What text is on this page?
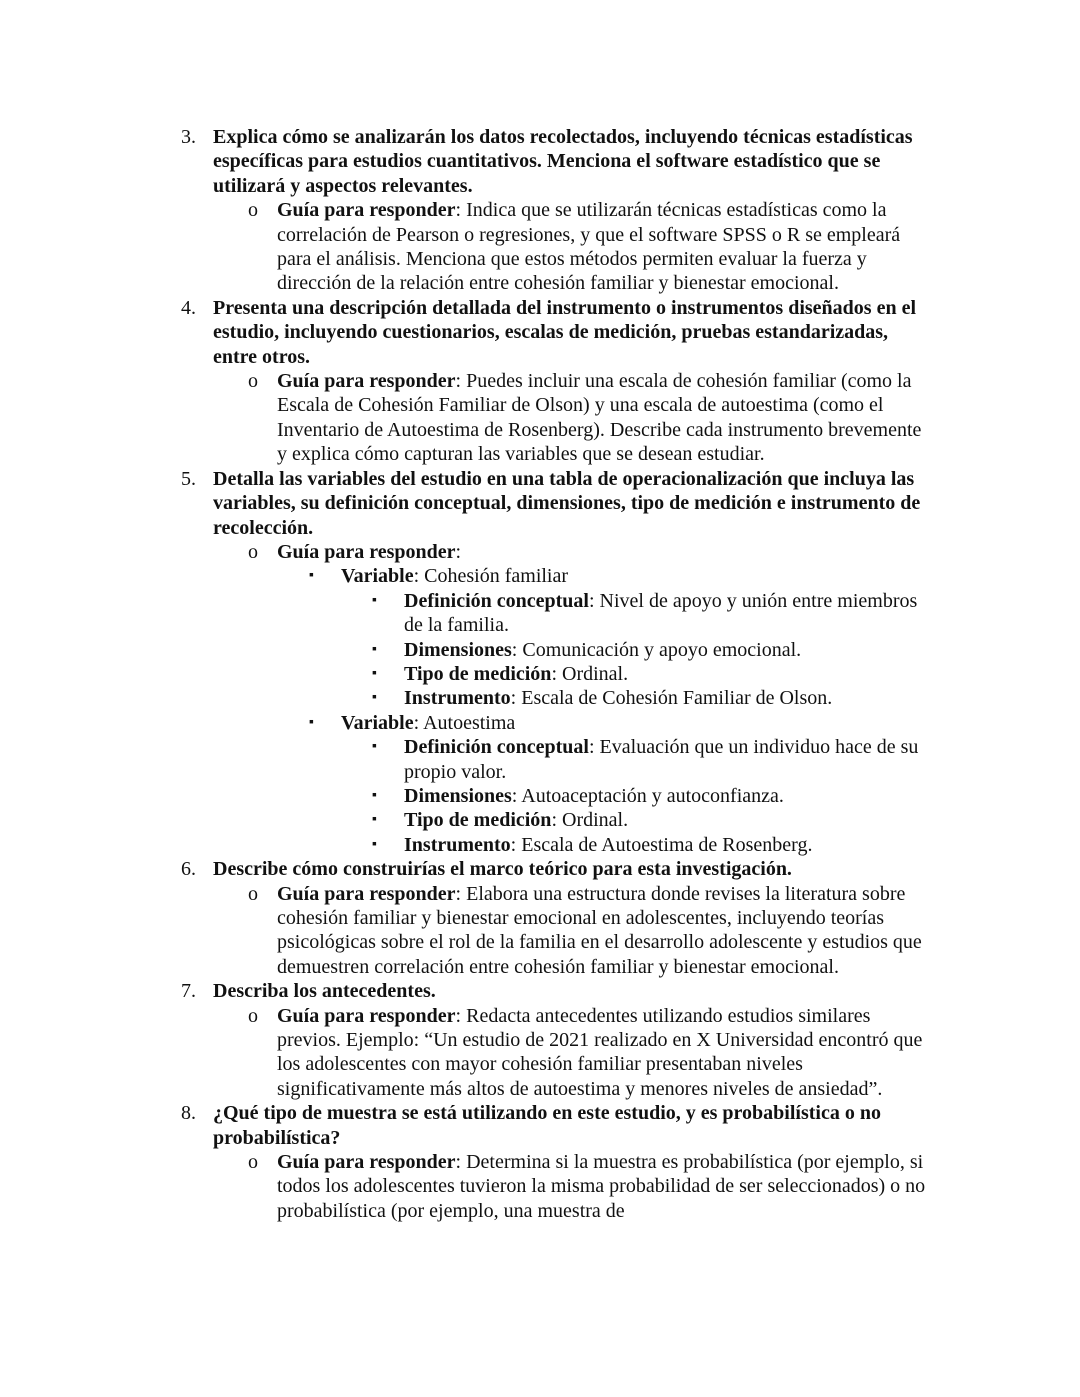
3. Explica cómo se analizarán los datos recolectados, incluyendo técnicas estadísticas específicas para estudios cuantitativos. Menciona el software estadístico que se utilizará y aspectos relevantes.
o Guía para responder: Indica que se utilizarán técnicas estadísticas como la correlación de Pearson o regresiones, y que el software SPSS o R se empleará para el análisis. Menciona que estos métodos permiten evaluar la fuerza y dirección de la relación entre cohesión familiar y bienestar emocional.
4. Presenta una descripción detallada del instrumento o instrumentos diseñados en el estudio, incluyendo cuestionarios, escalas de medición, pruebas estandarizadas, entre otros.
o Guía para responder: Puedes incluir una escala de cohesión familiar (como la Escala de Cohesión Familiar de Olson) y una escala de autoestima (como el Inventario de Autoestima de Rosenberg). Describe cada instrumento brevemente y explica cómo capturan las variables que se desean estudiar.
5. Detalla las variables del estudio en una tabla de operacionalización que incluya las variables, su definición conceptual, dimensiones, tipo de medición e instrumento de recolección.
o Guía para responder:
▪ Variable: Cohesión familiar
▪ Definición conceptual: Nivel de apoyo y unión entre miembros de la familia.
▪ Dimensiones: Comunicación y apoyo emocional.
▪ Tipo de medición: Ordinal.
▪ Instrumento: Escala de Cohesión Familiar de Olson.
▪ Variable: Autoestima
▪ Definición conceptual: Evaluación que un individuo hace de su propio valor.
▪ Dimensiones: Autoaceptación y autoconfianza.
▪ Tipo de medición: Ordinal.
▪ Instrumento: Escala de Autoestima de Rosenberg.
6. Describe cómo construirías el marco teórico para esta investigación.
o Guía para responder: Elabora una estructura donde revises la literatura sobre cohesión familiar y bienestar emocional en adolescentes, incluyendo teorías psicológicas sobre el rol de la familia en el desarrollo adolescente y estudios que demuestren correlación entre cohesión familiar y bienestar emocional.
7. Describa los antecedentes.
o Guía para responder: Redacta antecedentes utilizando estudios similares previos. Ejemplo: “Un estudio de 2021 realizado en X Universidad encontró que los adolescentes con mayor cohesión familiar presentaban niveles significativamente más altos de autoestima y menores niveles de ansiedad”.
8. ¿Qué tipo de muestra se está utilizando en este estudio, y es probabilística o no probabilística?
o Guía para responder: Determina si la muestra es probabilística (por ejemplo, si todos los adolescentes tuvieron la misma probabilidad de ser seleccionados) o no probabilística (por ejemplo, una muestra de
